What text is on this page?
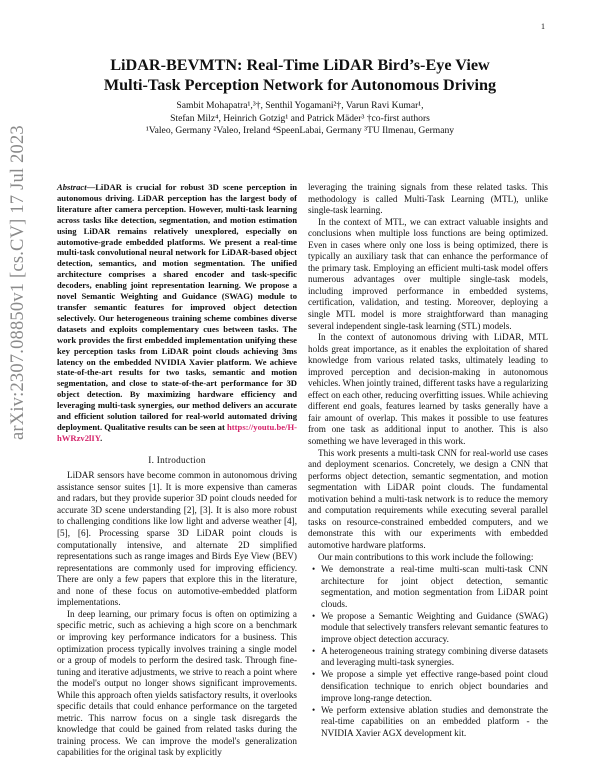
1
arXiv:2307.08850v1 [cs.CV] 17 Jul 2023
LiDAR-BEVMTN: Real-Time LiDAR Bird’s-Eye View
Multi-Task Perception Network for Autonomous Driving
Sambit Mohapatra¹,³†, Senthil Yogamani²†, Varun Ravi Kumar¹,
Stefan Milz⁴, Heinrich Gotzig¹ and Patrick Mäder³ †co-first authors
¹Valeo, Germany ²Valeo, Ireland ⁴SpeenLabai, Germany ³TU Ilmenau, Germany

Abstract—LiDAR is crucial for robust 3D scene perception in autonomous driving. LiDAR perception has the largest body of literature after camera perception. However, multi-task learning across tasks like detection, segmentation, and motion estimation using LiDAR remains relatively unexplored, especially on automotive-grade embedded platforms. We present a real-time multi-task convolutional neural network for LiDAR-based object detection, semantics, and motion segmentation. The unified architecture comprises a shared encoder and task-specific decoders, enabling joint representation learning. We propose a novel Semantic Weighting and Guidance (SWAG) module to transfer semantic features for improved object detection selectively. Our heterogeneous training scheme combines diverse datasets and exploits complementary cues between tasks. The work provides the first embedded implementation unifying these key perception tasks from LiDAR point clouds achieving 3ms latency on the embedded NVIDIA Xavier platform. We achieve state-of-the-art results for two tasks, semantic and motion segmentation, and close to state-of-the-art performance for 3D object detection. By maximizing hardware efficiency and leveraging multi-task synergies, our method delivers an accurate and efficient solution tailored for real-world automated driving deployment. Qualitative results can be seen at https://youtu.be/H-hWRzv2lIY.

I. Introduction

LiDAR sensors have become common in autonomous driving assistance sensor suites [1]. It is more expensive than cameras and radars, but they provide superior 3D point clouds needed for accurate 3D scene understanding [2], [3]. It is also more robust to challenging conditions like low light and adverse weather [4], [5], [6]. Processing sparse 3D LiDAR point clouds is computationally intensive, and alternate 2D simplified representations such as range images and Birds Eye View (BEV) representations are commonly used for improving efficiency. There are only a few papers that explore this in the literature, and none of these focus on automotive-embedded platform implementations.

In deep learning, our primary focus is often on optimizing a specific metric, such as achieving a high score on a benchmark or improving key performance indicators for a business. This optimization process typically involves training a single model or a group of models to perform the desired task. Through fine-tuning and iterative adjustments, we strive to reach a point where the model's output no longer shows significant improvements. While this approach often yields satisfactory results, it overlooks specific details that could enhance performance on the targeted metric. This narrow focus on a single task disregards the knowledge that could be gained from related tasks during the training process. We can improve the model's generalization capabilities for the original task by explicitly

leveraging the training signals from these related tasks. This methodology is called Multi-Task Learning (MTL), unlike single-task learning.

In the context of MTL, we can extract valuable insights and conclusions when multiple loss functions are being optimized. Even in cases where only one loss is being optimized, there is typically an auxiliary task that can enhance the performance of the primary task. Employing an efficient multi-task model offers numerous advantages over multiple single-task models, including improved performance in embedded systems, certification, validation, and testing. Moreover, deploying a single MTL model is more straightforward than managing several independent single-task learning (STL) models.

In the context of autonomous driving with LiDAR, MTL holds great importance, as it enables the exploitation of shared knowledge from various related tasks, ultimately leading to improved perception and decision-making in autonomous vehicles. When jointly trained, different tasks have a regularizing effect on each other, reducing overfitting issues. While achieving different end goals, features learned by tasks generally have a fair amount of overlap. This makes it possible to use features from one task as additional input to another. This is also something we have leveraged in this work.

This work presents a multi-task CNN for real-world use cases and deployment scenarios. Concretely, we design a CNN that performs object detection, semantic segmentation, and motion segmentation with LiDAR point clouds. The fundamental motivation behind a multi-task network is to reduce the memory and computation requirements while executing several parallel tasks on resource-constrained embedded computers, and we demonstrate this with our experiments with embedded automotive hardware platforms.

Our main contributions to this work include the following:

• We demonstrate a real-time multi-scan multi-task CNN architecture for joint object detection, semantic segmentation, and motion segmentation from LiDAR point clouds.
• We propose a Semantic Weighting and Guidance (SWAG) module that selectively transfers relevant semantic features to improve object detection accuracy.
• A heterogeneous training strategy combining diverse datasets and leveraging multi-task synergies.
• We propose a simple yet effective range-based point cloud densification technique to enrich object boundaries and improve long-range detection.
• We perform extensive ablation studies and demonstrate the real-time capabilities on an embedded platform - the NVIDIA Xavier AGX development kit.
